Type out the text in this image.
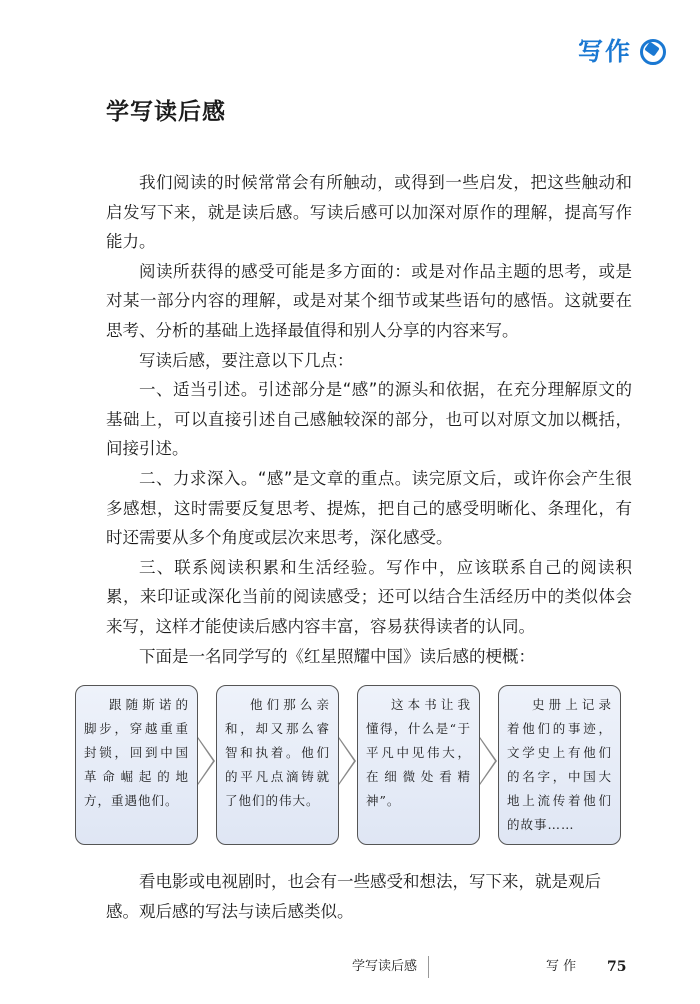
写作
学写读后感

我们阅读的时候常常会有所触动，或得到一些启发，把这些触动和启发写下来，就是读后感。写读后感可以加深对原作的理解，提高写作能力。

阅读所获得的感受可能是多方面的：或是对作品主题的思考，或是对某一部分内容的理解，或是对某个细节或某些语句的感悟。这就要在思考、分析的基础上选择最值得和别人分享的内容来写。

写读后感，要注意以下几点：

一、适当引述。引述部分是“感”的源头和依据，在充分理解原文的基础上，可以直接引述自己感触较深的部分，也可以对原文加以概括，间接引述。

二、力求深入。“感”是文章的重点。读完原文后，或许你会产生很多感想，这时需要反复思考、提炼，把自己的感受明晰化、条理化，有时还需要从多个角度或层次来思考，深化感受。

三、联系阅读积累和生活经验。写作中，应该联系自己的阅读积累，来印证或深化当前的阅读感受；还可以结合生活经历中的类似体会来写，这样才能使读后感内容丰富，容易获得读者的认同。

下面是一名同学写的《红星照耀中国》读后感的梗概：

跟随斯诺的脚步，穿越重重封锁，回到中国革命崛起的地方，重遇他们。
他们那么亲和，却又那么睿智和执着。他们的平凡点滴铸就了他们的伟大。
这本书让我懂得，什么是“于平凡中见伟大，在细微处看精神”。
史册上记录着他们的事迹，文学史上有他们的名字，中国大地上流传着他们的故事……

看电影或电视剧时，也会有一些感受和想法，写下来，就是观后感。观后感的写法与读后感类似。

学写读后感	写 作 75
